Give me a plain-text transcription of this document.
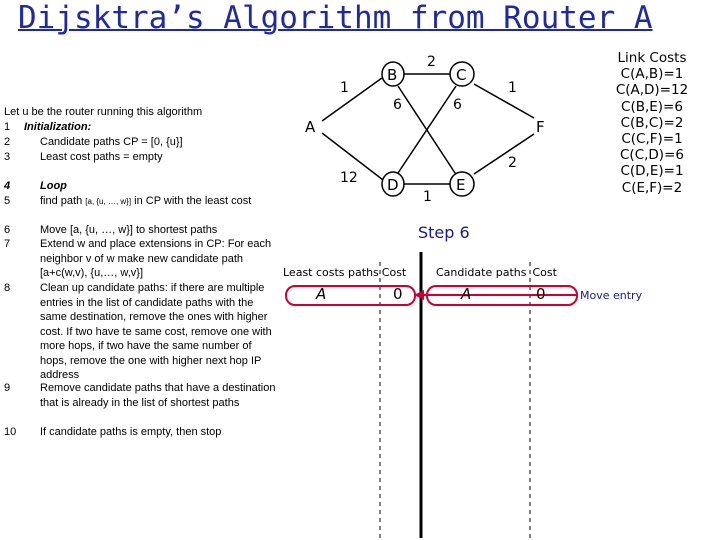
Dijsktra’s Algorithm from Router A
Let u be the router running this algorithm
1 Initialization:
2	Candidate paths CP = [0, {u}]
3	Least cost paths = empty
4	Loop
5	find path [a, {u, …, w}] in CP with the least cost
6	Move [a, {u, …, w}] to shortest paths
7	Extend w and place extensions in CP: For each neighbor v of w make new candidate path [a+c(w,v), {u,…, w,v}]
8	Clean up candidate paths: if there are multiple entries in the list of candidate paths with the same destination, remove the ones with higher cost. If two have te same cost, remove one with more hops, if two have the same number of hops, remove the one with higher next hop IP address
9	Remove candidate paths that have a destination that is already in the list of shortest paths
10 If candidate paths is empty, then stop
A
B	C
D	E
F
1
2
6	6
1
12
1
2
Link Costs
C(A,B)=1
C(A,D)=12
C(B,E)=6
C(B,C)=2
C(C,F)=1
C(C,D)=6
C(D,E)=1
C(E,F)=2
Step 6
Least costs paths Cost	Candidate paths Cost
A	0	A	0	Move entry
